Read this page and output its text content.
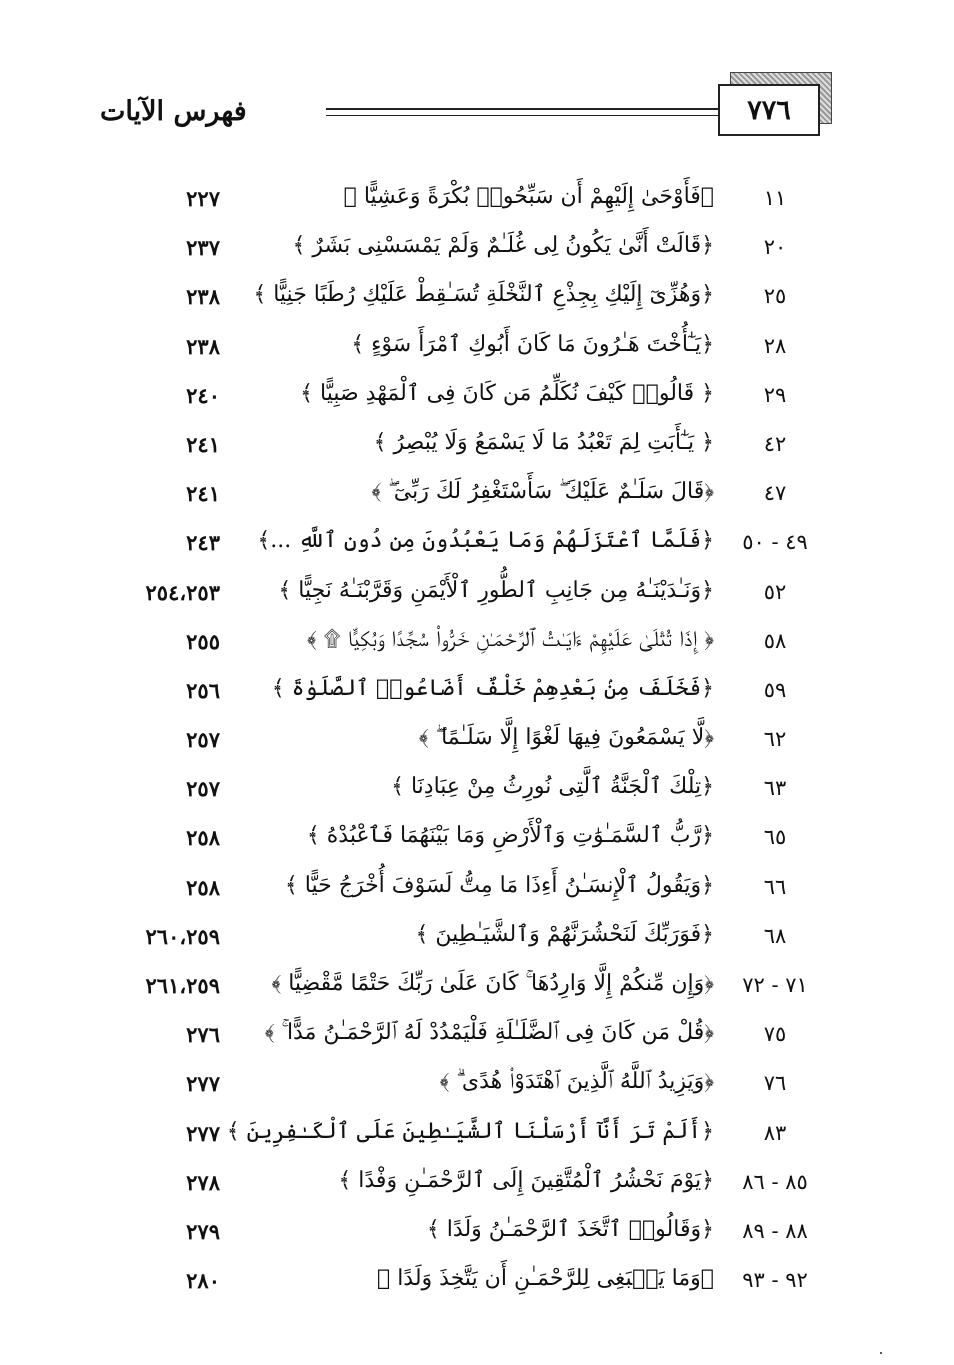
فهرس الآيات	٧٧٦
١١
﴿فَأَوْحَىٰ إِلَيْهِمْ أَن سَبِّحُوا۟ بُكْرَةً وَعَشِيًّا ﴾
٢٢٧
٢٠
﴿قَالَتْ أَنَّىٰ يَكُونُ لِى غُلَـٰمٌ وَلَمْ يَمْسَسْنِى بَشَرٌ ﴾
٢٣٧
٢٥
﴿وَهُزِّىٓ إِلَيْكِ بِجِذْعِ ٱلنَّخْلَةِ تُسَـٰقِطْ عَلَيْكِ رُطَبًا جَنِيًّا ﴾
٢٣٨
٢٨
﴿يَـٰٓأُخْتَ هَـٰرُونَ مَا كَانَ أَبُوكِ ٱمْرَأَ سَوْءٍ ﴾
٢٣٨
٢٩
﴿ قَالُوا۟ كَيْفَ نُكَلِّمُ مَن كَانَ فِى ٱلْمَهْدِ صَبِيًّا ﴾
٢٤٠
٤٢
﴿ يَـٰٓأَبَتِ لِمَ تَعْبُدُ مَا لَا يَسْمَعُ وَلَا يُبْصِرُ ﴾
٢٤١
٤٧
﴿قَالَ سَلَـٰمٌ عَلَيْكَ ۖ سَأَسْتَغْفِرُ لَكَ رَبِّىٓ ۖ ﴾
٢٤١
٤٩ - ٥٠
﴿فَلَمَّا ٱعْتَزَلَهُمْ وَمَا يَعْبُدُونَ مِن دُونِ ٱللَّهِ ...﴾
٢٤٣
٥٢
﴿وَنَـٰدَيْنَـٰهُ مِن جَانِبِ ٱلطُّورِ ٱلْأَيْمَنِ وَقَرَّبْنَـٰهُ نَجِيًّا ﴾
٢٥٤،٢٥٣
٥٨
﴿ إِذَا تُتْلَىٰ عَلَيْهِمْ ءَايَـٰتُ ٱلرَّحْمَـٰنِ خَرُّوا۟ سُجَّدًا وَبُكِيًّا ۩ ﴾
٢٥٥
٥٩
﴿فَخَلَفَ مِنۢ بَعْدِهِمْ خَلْفٌ أَضَاعُوا۟ ٱلصَّلَوٰةَ ﴾
٢٥٦
٦٢
﴿لَّا يَسْمَعُونَ فِيهَا لَغْوًا إِلَّا سَلَـٰمًا ۖ ﴾
٢٥٧
٦٣
﴿تِلْكَ ٱلْجَنَّةُ ٱلَّتِى نُورِثُ مِنْ عِبَادِنَا ﴾
٢٥٧
٦٥
﴿رَّبُّ ٱلسَّمَـٰوَٰتِ وَٱلْأَرْضِ وَمَا بَيْنَهُمَا فَٱعْبُدْهُ ﴾
٢٥٨
٦٦
﴿وَيَقُولُ ٱلْإِنسَـٰنُ أَءِذَا مَا مِتُّ لَسَوْفَ أُخْرَجُ حَيًّا ﴾
٢٥٨
٦٨
﴿فَوَرَبِّكَ لَنَحْشُرَنَّهُمْ وَٱلشَّيَـٰطِينَ ﴾
٢٦٠،٢٥٩
٧١ - ٧٢
﴿وَإِن مِّنكُمْ إِلَّا وَارِدُهَا ۚ كَانَ عَلَىٰ رَبِّكَ حَتْمًا مَّقْضِيًّا ﴾
٢٦١،٢٥٩
٧٥
﴿قُلْ مَن كَانَ فِى ٱلضَّلَـٰلَةِ فَلْيَمْدُدْ لَهُ ٱلرَّحْمَـٰنُ مَدًّا ۚ ﴾
٢٧٦
٧٦
﴿وَيَزِيدُ ٱللَّهُ ٱلَّذِينَ ٱهْتَدَوْا۟ هُدًى ۗ ﴾
٢٧٧
٨٣
﴿أَلَمْ تَرَ أَنَّآ أَرْسَلْنَا ٱلشَّيَـٰطِينَ عَلَى ٱلْكَـٰفِرِينَ ﴾
٢٧٧
٨٥ - ٨٦
﴿يَوْمَ نَحْشُرُ ٱلْمُتَّقِينَ إِلَى ٱلرَّحْمَـٰنِ وَفْدًا ﴾
٢٧٨
٨٨ - ٨٩
﴿وَقَالُوا۟ ٱتَّخَذَ ٱلرَّحْمَـٰنُ وَلَدًا ﴾
٢٧٩
٩٢ - ٩٣
﴿وَمَا يَنۢبَغِى لِلرَّحْمَـٰنِ أَن يَتَّخِذَ وَلَدًا ﴾
٢٨٠
